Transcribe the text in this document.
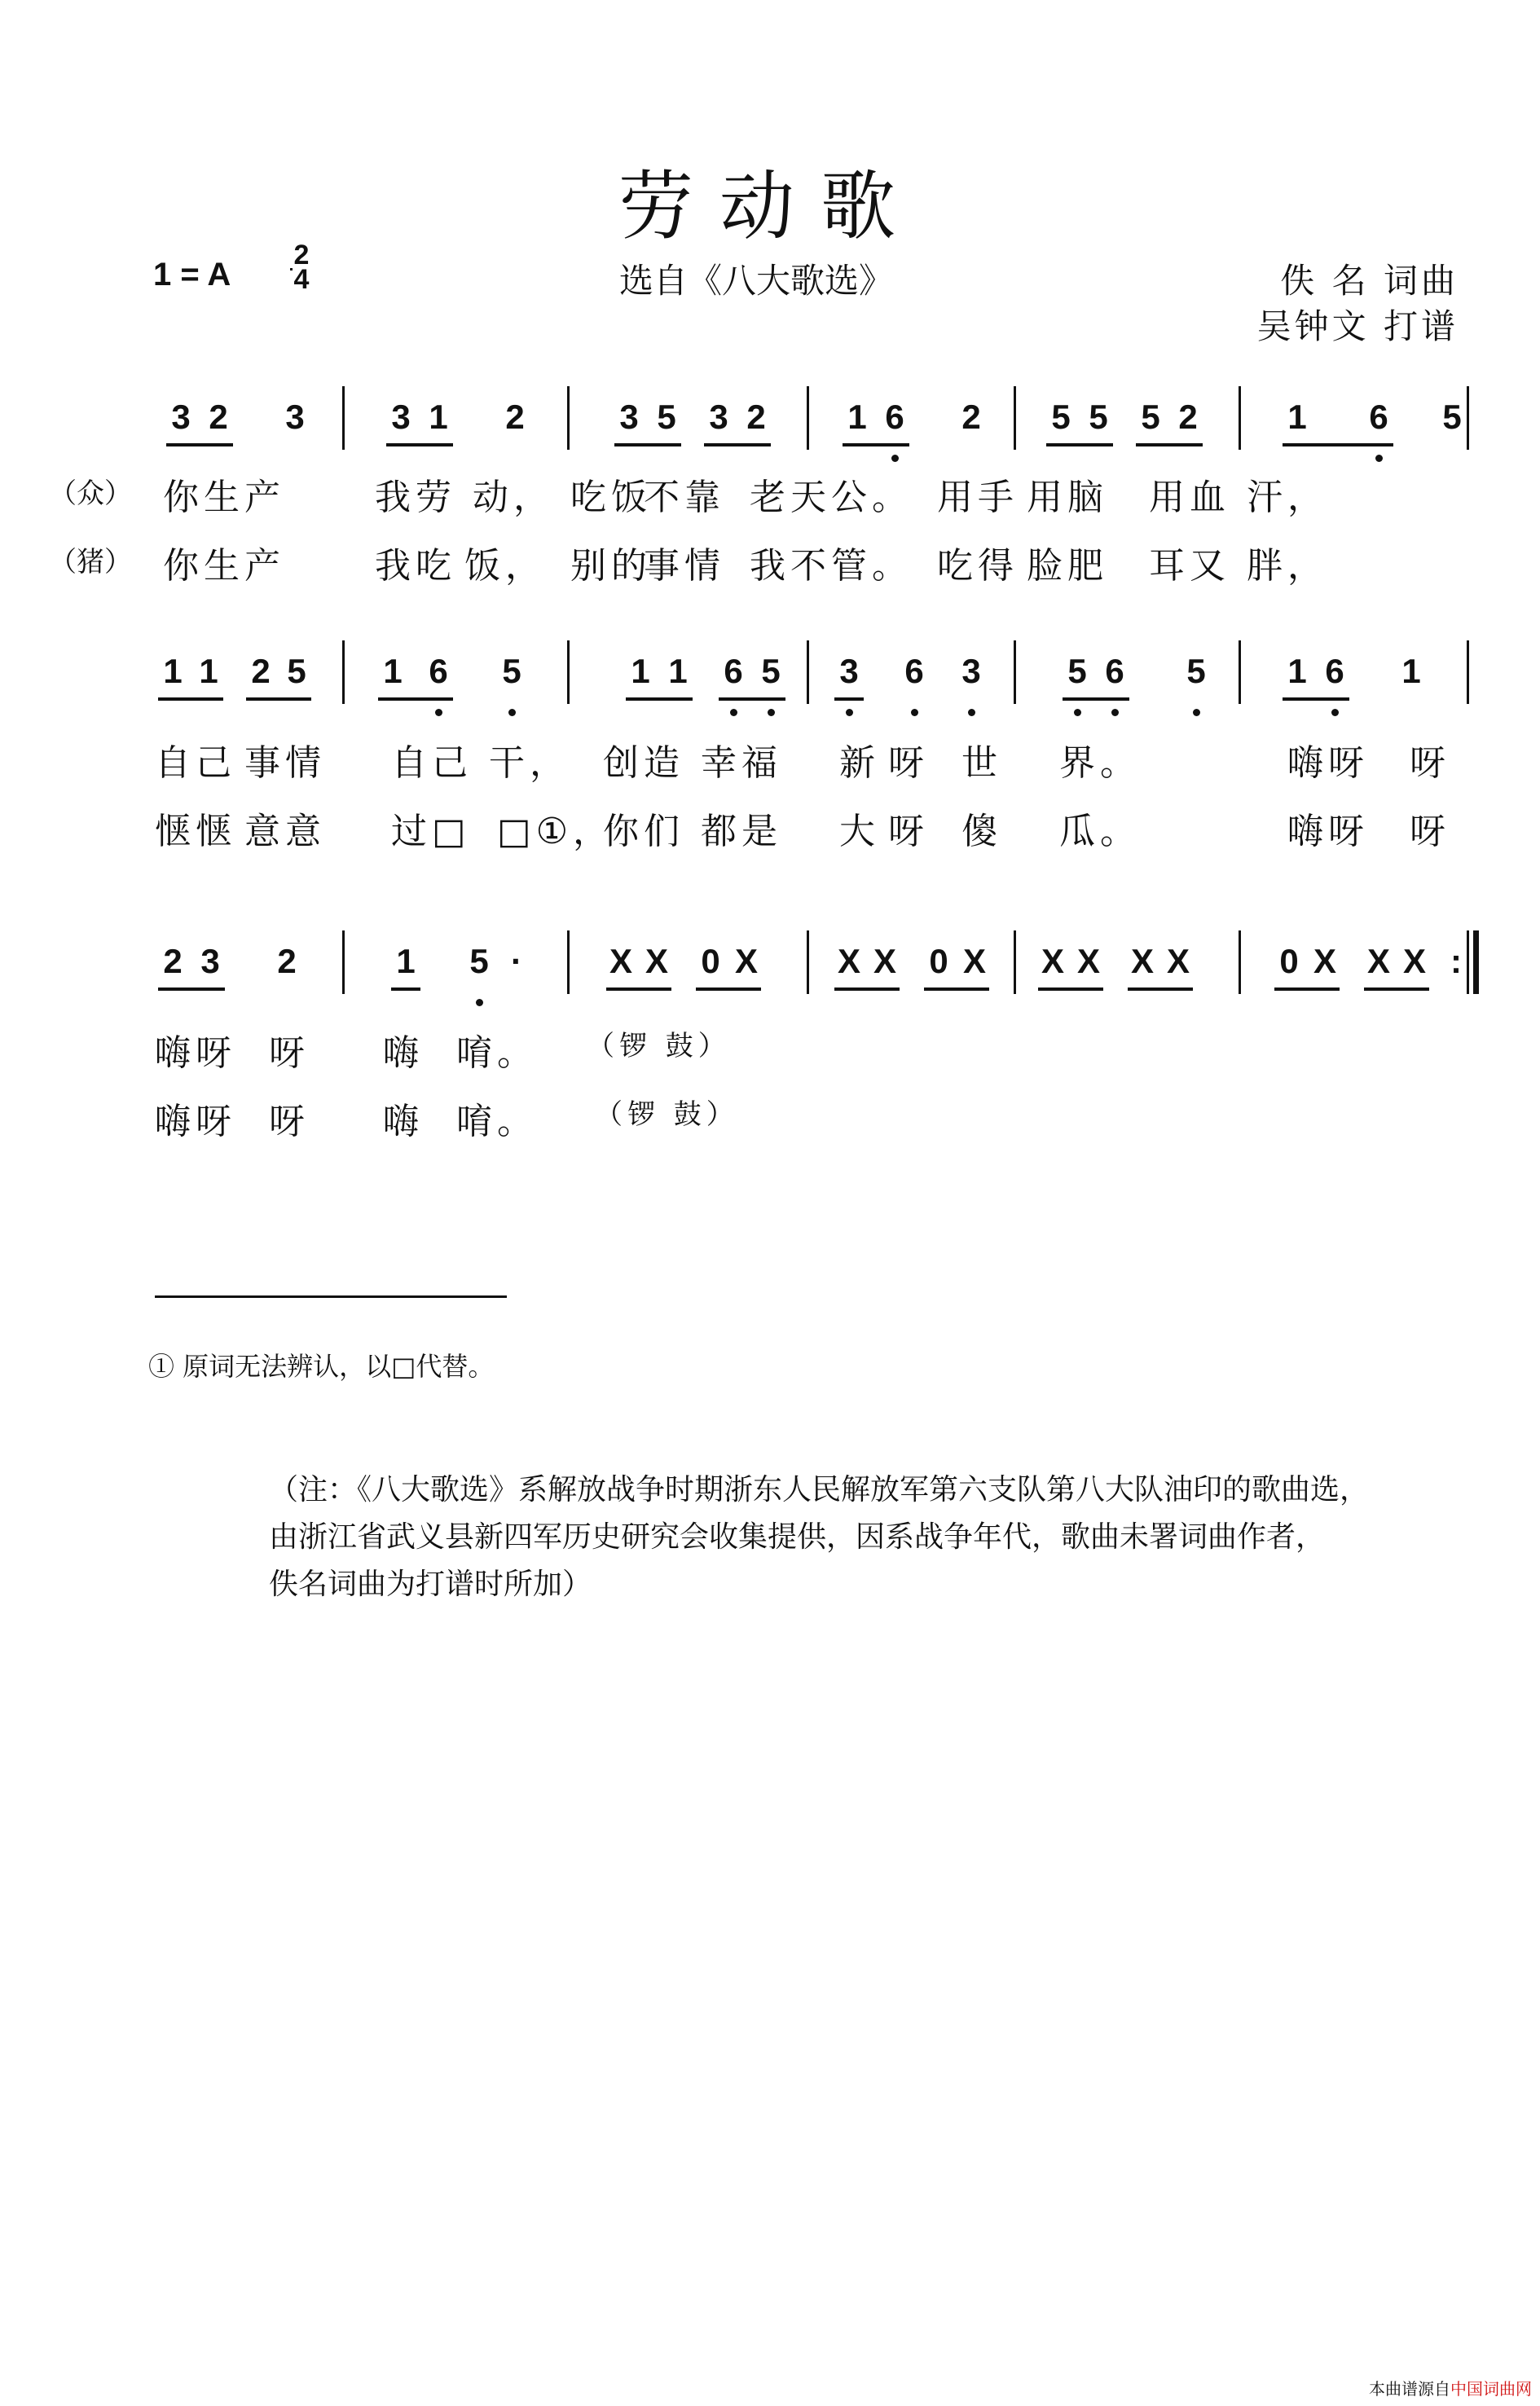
劳动歌
1 = A
2
4	选自《八大歌选》	佚 名 词曲
吴钟文 打谱
3 2 3	3 1 2	3 5 3 2 1 6 2 5 5 5 2	1 6 5
（众） 你生 产	我劳 动， 吃饭
不靠 老天 公。 用手 用脑 用血 汗，
（猪） 你生 产	我吃 饭， 别的
事情 我不 管。 吃得 脸肥 耳又 胖，
1 1 2 5 1 6 5	1 1 6 5 3 6 3	5 6 5 1 6 1
自己 事情 自己 干， 创造 幸福 新 呀 世 界。	嗨呀 呀
惬惬 意意 过□ □①，
你们 都是 大 呀 傻 瓜。	嗨呀 呀
2 3 2	1 5 ·	X X 0 X X X 0 X X X X X	0 X X X :
嗨呀 呀 嗨 唷。 （锣 鼓）
嗨呀 呀 嗨 唷。 （锣 鼓）
① 原词无法辨认，以□代替。
（注：《八大歌选》系解放战争时期浙东人民解放军第六支队第八大队油印的歌曲选，
由浙江省武义县新四军历史研究会收集提供，因系战争年代，歌曲未署词曲作者，
佚名词曲为打谱时所加）
本曲谱源自中国词曲网
